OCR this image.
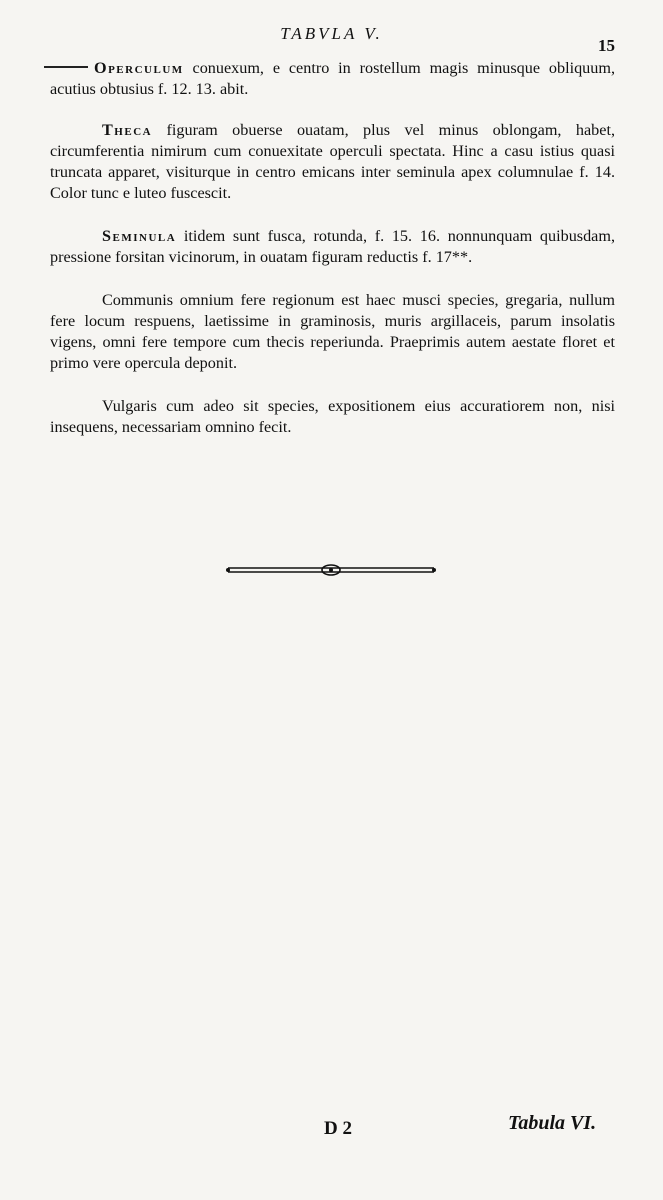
TABVLA V.
15
Operculum conuexum, e centro in rostellum magis minusque obliquum, acutius obtusius f. 12. 13. abit.
Theca figuram obuerse ouatam, plus vel minus oblongam, habet, circumferentia nimirum cum conuexitate operculi spectata. Hinc a casu istius quasi truncata apparet, visiturque in centro emicans inter seminula apex columnulae f. 14. Color tunc e luteo fuscescit.
Seminula itidem sunt fusca, rotunda, f. 15. 16. nonnunquam quibusdam, pressione forsitan vicinorum, in ouatam figuram reductis f. 17**.
Communis omnium fere regionum est haec musci species, gregaria, nullum fere locum respuens, laetissime in graminosis, muris argillaceis, parum insolatis vigens, omni fere tempore cum thecis reperiunda. Praeprimis autem aestate floret et primo vere opercula deponit.
Vulgaris cum adeo sit species, expositionem eius accuratiorem non, nisi insequens, necessariam omnino fecit.
D 2	Tabula VI.
